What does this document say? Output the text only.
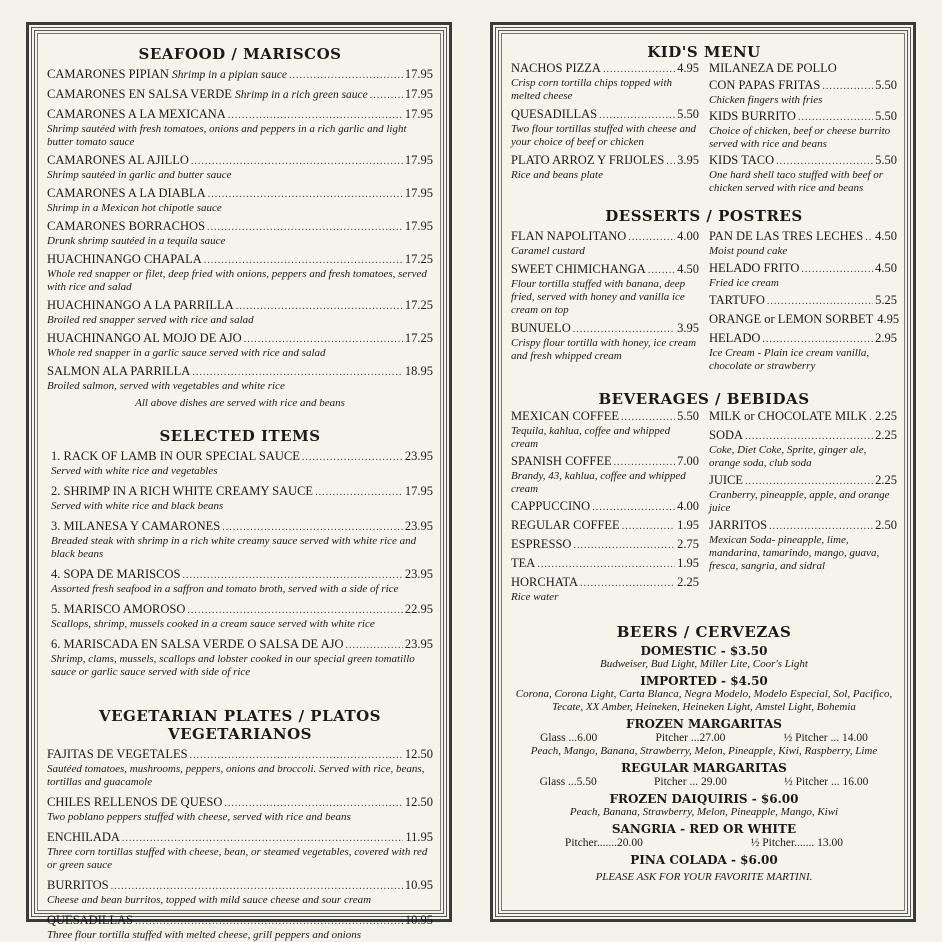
SEAFOOD / MARISCOS
CAMARONES PIPIAN Shrimp in a pipian sauce .....	17.95
CAMARONES EN SALSA VERDE Shrimp in a rich green sauce .....	17.95
CAMARONES A LA MEXICANA .....	17.95
Shrimp sautéed with fresh tomatoes, onions and peppers in a rich garlic and light butter tomato sauce
CAMARONES AL AJILLO .....	17.95
Shrimp sautéed in garlic and butter sauce
CAMARONES A LA DIABLA .....	17.95
Shrimp in a Mexican hot chipotle sauce
CAMARONES BORRACHOS .....	17.95
Drunk shrimp sautéed in a tequila sauce
HUACHINANGO CHAPALA .....	17.25
Whole red snapper or filet, deep fried with onions, peppers and fresh tomatoes, served with rice and salad
HUACHINANGO A LA PARRILLA .....	17.25
Broiled red snapper served with rice and salad
HUACHINANGO AL MOJO DE AJO .....	17.25
Whole red snapper in a garlic sauce served with rice and salad
SALMON ALA PARRILLA .....	18.95
Broiled salmon, served with vegetables and white rice
All above dishes are served with rice and beans
SELECTED ITEMS
1. RACK OF LAMB IN OUR SPECIAL SAUCE .....	23.95
Served with white rice and vegetables
2. SHRIMP IN A RICH WHITE CREAMY SAUCE .....	17.95
Served with white rice and black beans
3. MILANESA Y CAMARONES .....	23.95
Breaded steak with shrimp in a rich white creamy sauce served with white rice and black beans
4. SOPA DE MARISCOS .....	23.95
Assorted fresh seafood in a saffron and tomato broth, served with a side of rice
5. MARISCO AMOROSO .....	22.95
Scallops, shrimp, mussels cooked in a cream sauce served with white rice
6. MARISCADA EN SALSA VERDE O SALSA DE AJO .....	23.95
Shrimp, clams, mussels, scallops and lobster cooked in our special green tomatillo sauce or garlic sauce served with side of rice
VEGETARIAN PLATES / PLATOS VEGETARIANOS
FAJITAS DE VEGETALES .....	12.50
Sautéed tomatoes, mushrooms, peppers, onions and broccoli. Served with rice, beans, tortillas and guacamole
CHILES RELLENOS DE QUESO .....	12.50
Two poblano peppers stuffed with cheese, served with rice and beans
ENCHILADA .....	11.95
Three corn tortillas stuffed with cheese, bean, or steamed vegetables, covered with red or green sauce
BURRITOS .....	10.95
Cheese and bean burritos, topped with mild sauce cheese and sour cream
QUESADILLAS .....	10.95
Three flour tortilla stuffed with melted cheese, grill peppers and onions
KID'S MENU
NACHOS PIZZA .....	4.95
Crisp corn tortilla chips topped with melted cheese
QUESADILLAS .....	5.50
Two flour tortillas stuffed with cheese and your choice of beef or chicken
PLATO ARROZ Y FRIJOLES ..... 3.95
Rice and beans plate
MILANEZA DE POLLO
CON PAPAS FRITAS .....	5.50
Chicken fingers with fries
KIDS BURRITO .....	5.50
Choice of chicken, beef or cheese burrito served with rice and beans
KIDS TACO .....	5.50
One hard shell taco stuffed with beef or chicken served with rice and beans
DESSERTS / POSTRES
FLAN NAPOLITANO .....	4.00
Caramel custard
SWEET CHIMICHANGA .....	4.50
Flour tortilla stuffed with banana, deep fried, served with honey and vanilla ice cream on top
BUNUELO .....	3.95
Crispy flour tortilla with honey, ice cream and fresh whipped cream
PAN DE LAS TRES LECHES ..... 4.50
Moist pound cake
HELADO FRITO .....	4.50
Fried ice cream
TARTUFO .....	5.25
ORANGE or LEMON SORBET 4.95
HELADO .....	2.95
Ice Cream - Plain ice cream vanilla, chocolate or strawberry
BEVERAGES / BEBIDAS
MEXICAN COFFEE .....	5.50
Tequila, kahlua, coffee and whipped cream
SPANISH COFFEE .....	7.00
Brandy, 43, kahlua, coffee and whipped cream
CAPPUCCINO .....	4.00
REGULAR COFFEE .....	1.95
ESPRESSO .....	2.75
TEA .....	1.95
HORCHATA .....	2.25
Rice water
MILK or CHOCOLATE MILK ..... 2.25
SODA .....	2.25
Coke, Diet Coke, Sprite, ginger ale, orange soda, club soda
JUICE .....	2.25
Cranberry, pineapple, apple, and orange juice
JARRITOS .....	2.50
Mexican Soda- pineapple, lime, mandarina, tamarindo, mango, guava, fresca, sangria, and sidral
BEERS / CERVEZAS
DOMESTIC - $3.50
Budweiser, Bud Light, Miller Lite, Coor's Light
IMPORTED - $4.50
Corona, Corona Light, Carta Blanca, Negra Modelo, Modelo Especial, Sol, Pacifico, Tecate, XX Amber, Heineken, Heineken Light, Amstel Light, Bohemia
FROZEN MARGARITAS
Glass ...6.00	Pitcher ...27.00	½ Pitcher ... 14.00
Peach, Mango, Banana, Strawberry, Melon, Pineapple, Kiwi, Raspberry, Lime
REGULAR MARGARITAS
Glass ...5.50	Pitcher ... 29.00	½ Pitcher ... 16.00
FROZEN DAIQUIRIS - $6.00
Peach, Banana, Strawberry, Melon, Pineapple, Mango, Kiwi
SANGRIA - RED OR WHITE
Pitcher.......20.00	½ Pitcher....... 13.00
PINA COLADA - $6.00
PLEASE ASK FOR YOUR FAVORITE MARTINI.
